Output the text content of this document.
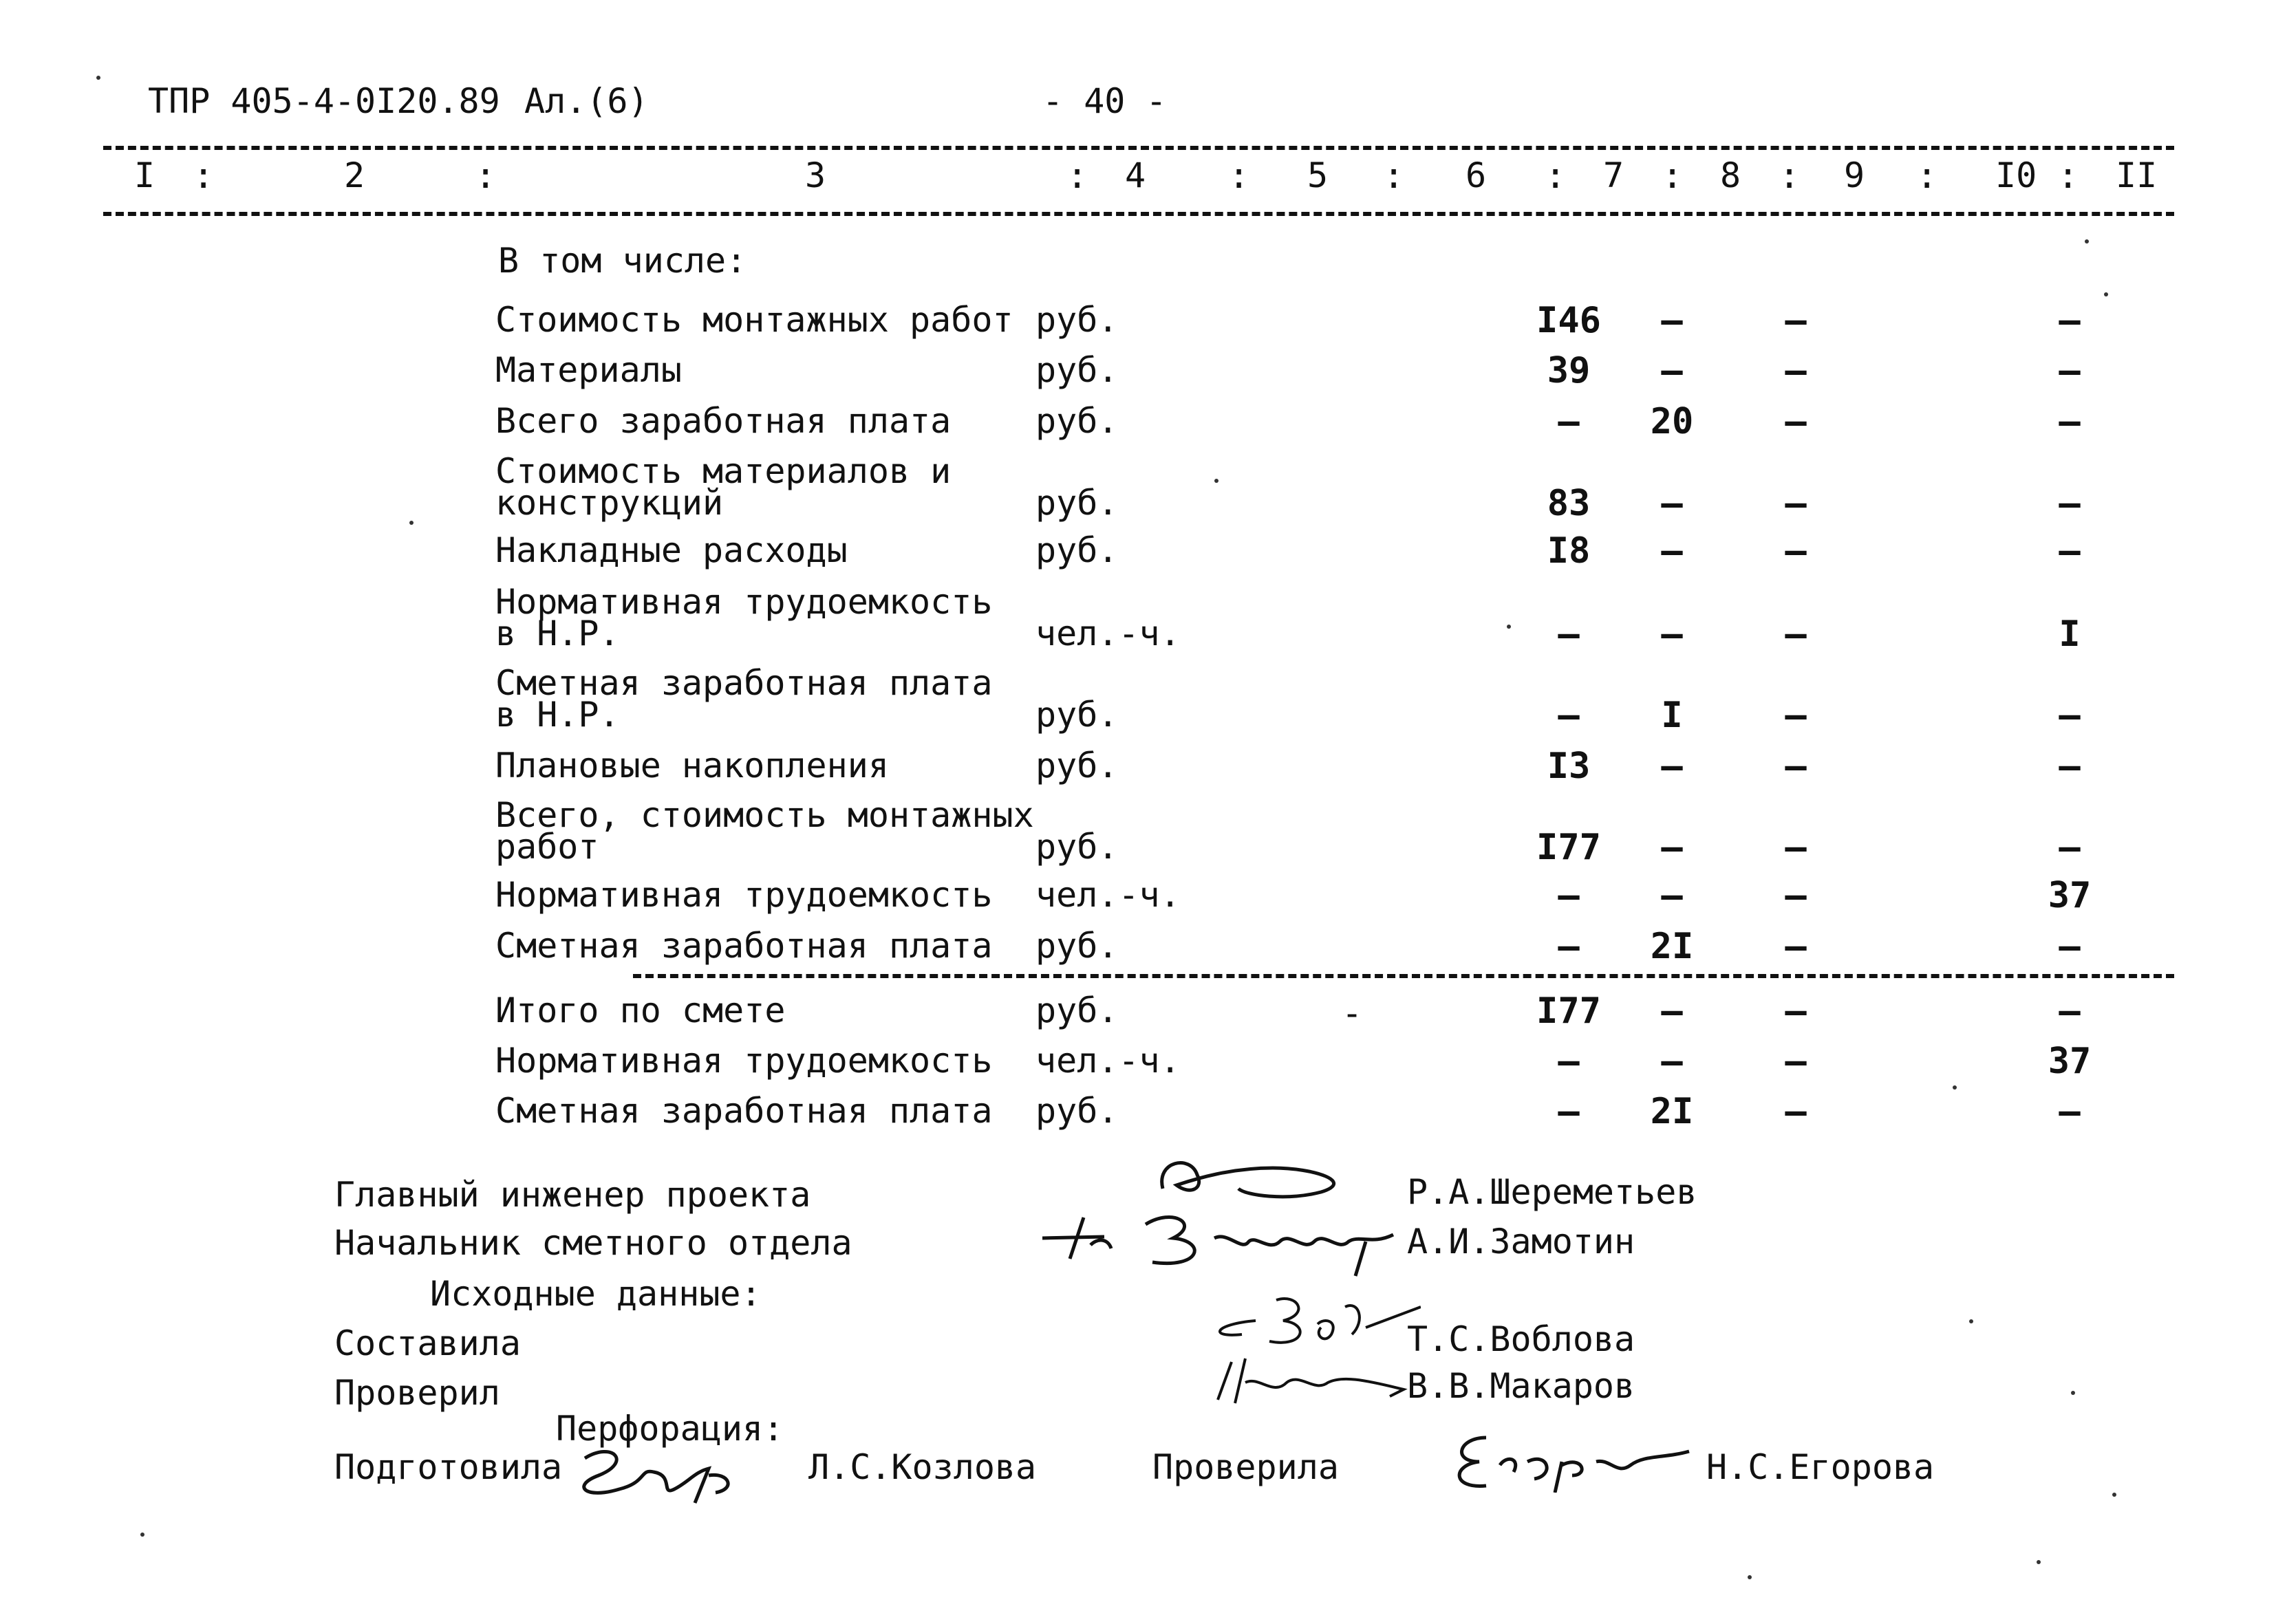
ТПР 405-4-0I20.89 Ал.(6)	- 40 -
I	2	3	4	5	6	7	8	9	I0 II
:	:	:	:	:	:	:	:	:	:
В том числе:
Стоимость монтажных работ руб.	I46	–	–	–
Материалы	руб.	39	–	–	–
Всего заработная плата руб.	–	20	–	–
Стоимость материалов и
конструкций	руб.	83	–	–	–
Накладные расходы	руб.	I8	–	–	–
Нормативная трудоемкость
в Н.Р.	чел.-ч.	–	–	–	I
Сметная заработная плата
в Н.Р.	руб.	–	I	–	–
Плановые накопления	руб.	I3	–	–	–
Всего, стоимость монтажных
работ	руб.	I77	–	–	–
Нормативная трудоемкость чел.-ч.	–	–	–	37
Сметная заработная плата руб.	–	2I	–	–
Итого по смете	руб.	I77	–	–	–
Нормативная трудоемкость чел.-ч.	–	–	–	37
Сметная заработная плата руб.	–	2I	–	–
-
Главный инженер проекта	Р.А.Шереметьев
Начальник сметного отдела	А.И.Замотин
Исходные данные:
Составила	Т.С.Воблова
Проверил	В.В.Макаров
Перфорация:
Подготовила	Л.С.Козлова	Проверила	Н.С.Егорова
